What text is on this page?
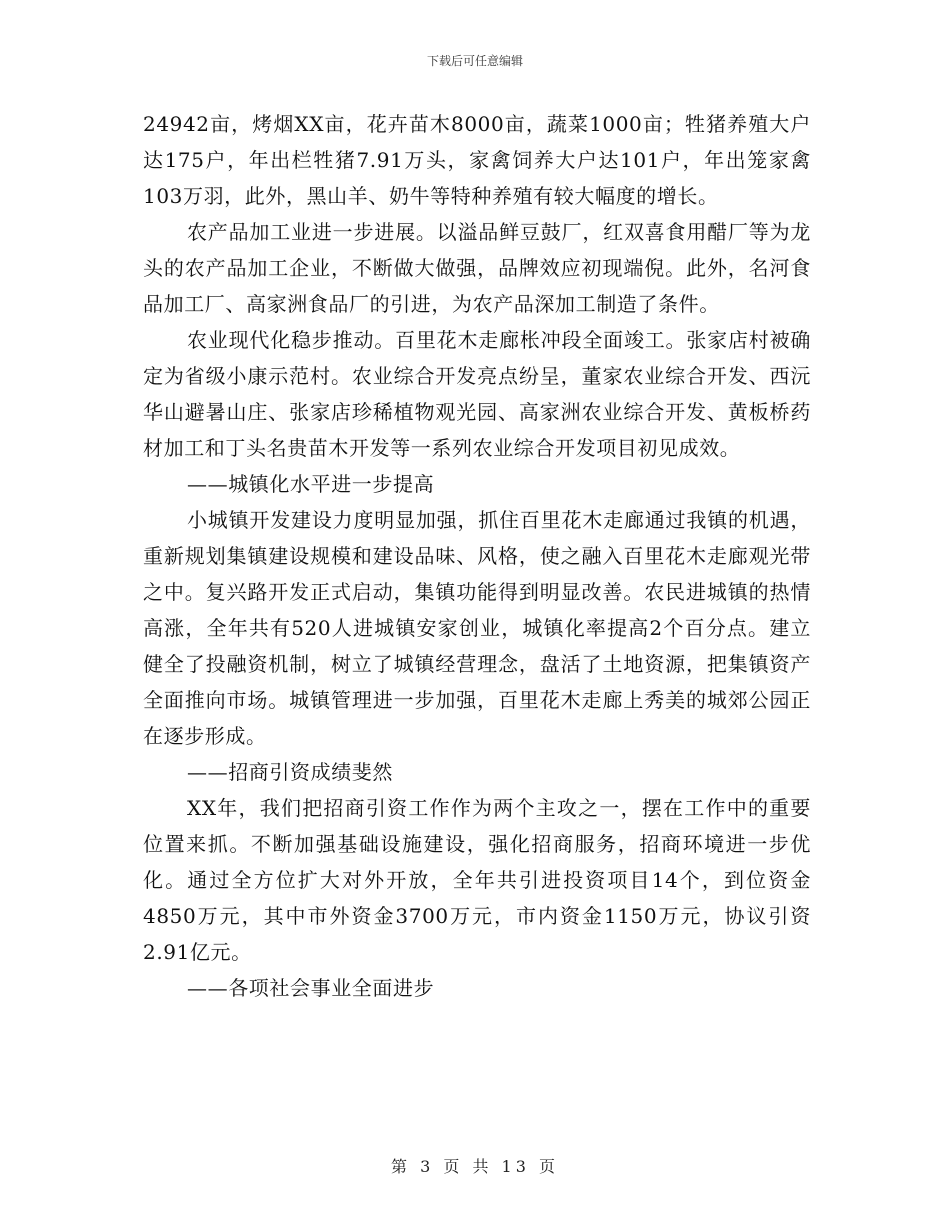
下载后可任意编辑

24942亩，烤烟XX亩，花卉苗木8000亩，蔬菜1000亩；牲猪养殖大户达175户，年出栏牲猪7.91万头，家禽饲养大户达101户，年出笼家禽103万羽，此外，黑山羊、奶牛等特种养殖有较大幅度的增长。

农产品加工业进一步进展。以溢品鲜豆鼓厂，红双喜食用醋厂等为龙头的农产品加工企业，不断做大做强，品牌效应初现端倪。此外，名河食品加工厂、高家洲食品厂的引进，为农产品深加工制造了条件。

农业现代化稳步推动。百里花木走廊枨冲段全面竣工。张家店村被确定为省级小康示范村。农业综合开发亮点纷呈，董家农业综合开发、西沅华山避暑山庄、张家店珍稀植物观光园、高家洲农业综合开发、黄板桥药材加工和丁头名贵苗木开发等一系列农业综合开发项目初见成效。

——城镇化水平进一步提高

小城镇开发建设力度明显加强，抓住百里花木走廊通过我镇的机遇，重新规划集镇建设规模和建设品味、风格，使之融入百里花木走廊观光带之中。复兴路开发正式启动，集镇功能得到明显改善。农民进城镇的热情高涨，全年共有520人进城镇安家创业，城镇化率提高2个百分点。建立健全了投融资机制，树立了城镇经营理念，盘活了土地资源，把集镇资产全面推向市场。城镇管理进一步加强，百里花木走廊上秀美的城郊公园正在逐步形成。

——招商引资成绩斐然

XX年，我们把招商引资工作作为两个主攻之一，摆在工作中的重要位置来抓。不断加强基础设施建设，强化招商服务，招商环境进一步优化。通过全方位扩大对外开放，全年共引进投资项目14个，到位资金4850万元，其中市外资金3700万元，市内资金1150万元，协议引资2.91亿元。

——各项社会事业全面进步

第 3 页 共 13 页
